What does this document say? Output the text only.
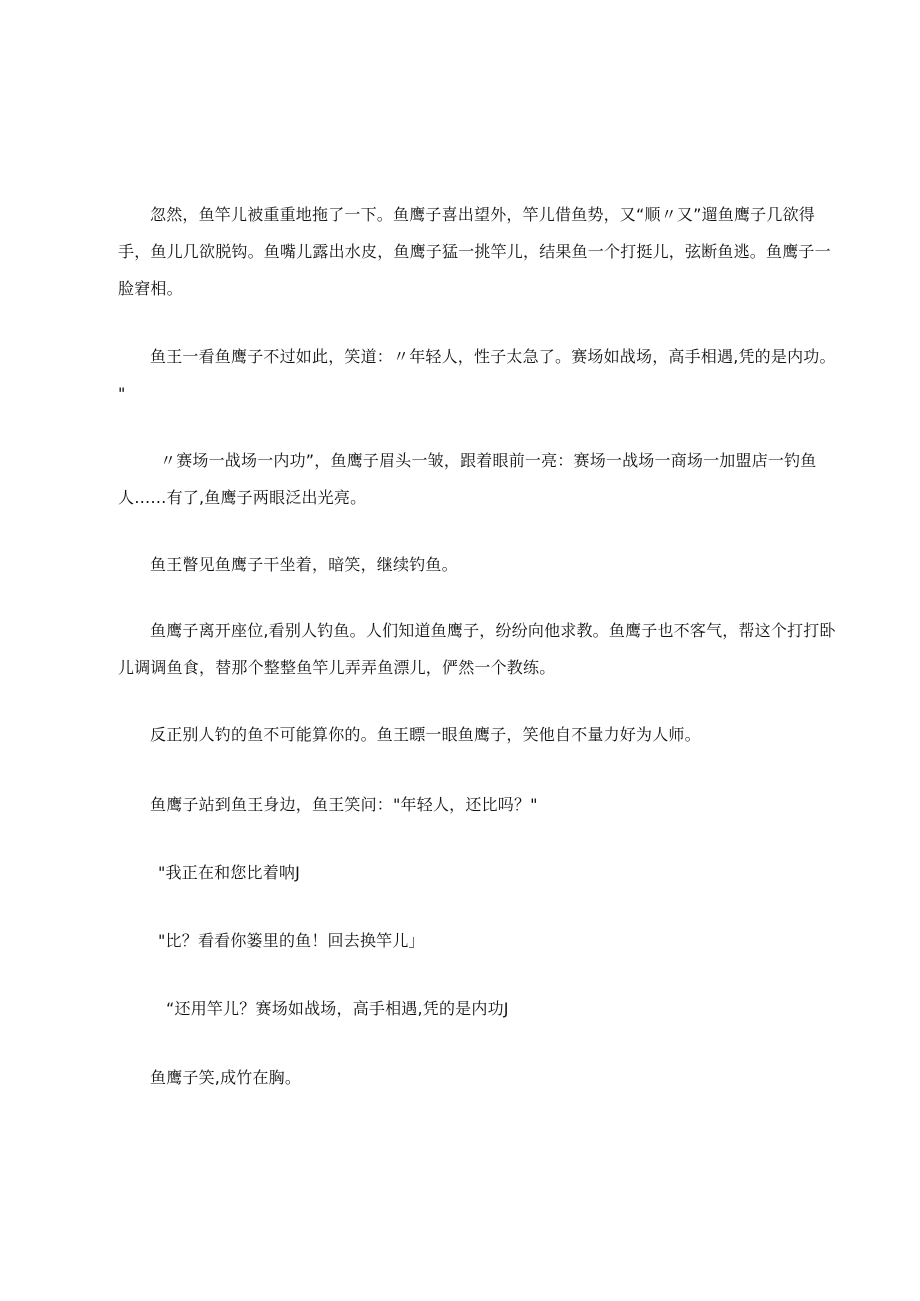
忽然，鱼竿儿被重重地拖了一下。鱼鹰子喜出望外，竿儿借鱼势，又“顺〃又”遛鱼鹰子几欲得
手，鱼儿几欲脱钩。鱼嘴儿露出水皮，鱼鹰子猛一挑竿儿，结果鱼一个打挺儿，弦断鱼逃。鱼鹰子一
脸窘相。

鱼王一看鱼鹰子不过如此，笑道：〃年轻人，性子太急了。赛场如战场，高手相遇,凭的是内功。
"

〃赛场一战场一内功”，鱼鹰子眉头一皱，跟着眼前一亮：赛场一战场一商场一加盟店一钓鱼
人……有了,鱼鹰子两眼泛出光亮。

鱼王瞥见鱼鹰子干坐着，暗笑，继续钓鱼。

鱼鹰子离开座位,看别人钓鱼。人们知道鱼鹰子，纷纷向他求教。鱼鹰子也不客气，帮这个打打卧
儿调调鱼食，替那个整整鱼竿儿弄弄鱼漂儿，俨然一个教练。

反正别人钓的鱼不可能算你的。鱼王瞟一眼鱼鹰子，笑他自不量力好为人师。

鱼鹰子站到鱼王身边，鱼王笑问："年轻人，还比吗？"

"我正在和您比着呐J

"比？看看你篓里的鱼！回去换竿儿」

“还用竿儿？赛场如战场，高手相遇,凭的是内功J

鱼鹰子笑,成竹在胸。
